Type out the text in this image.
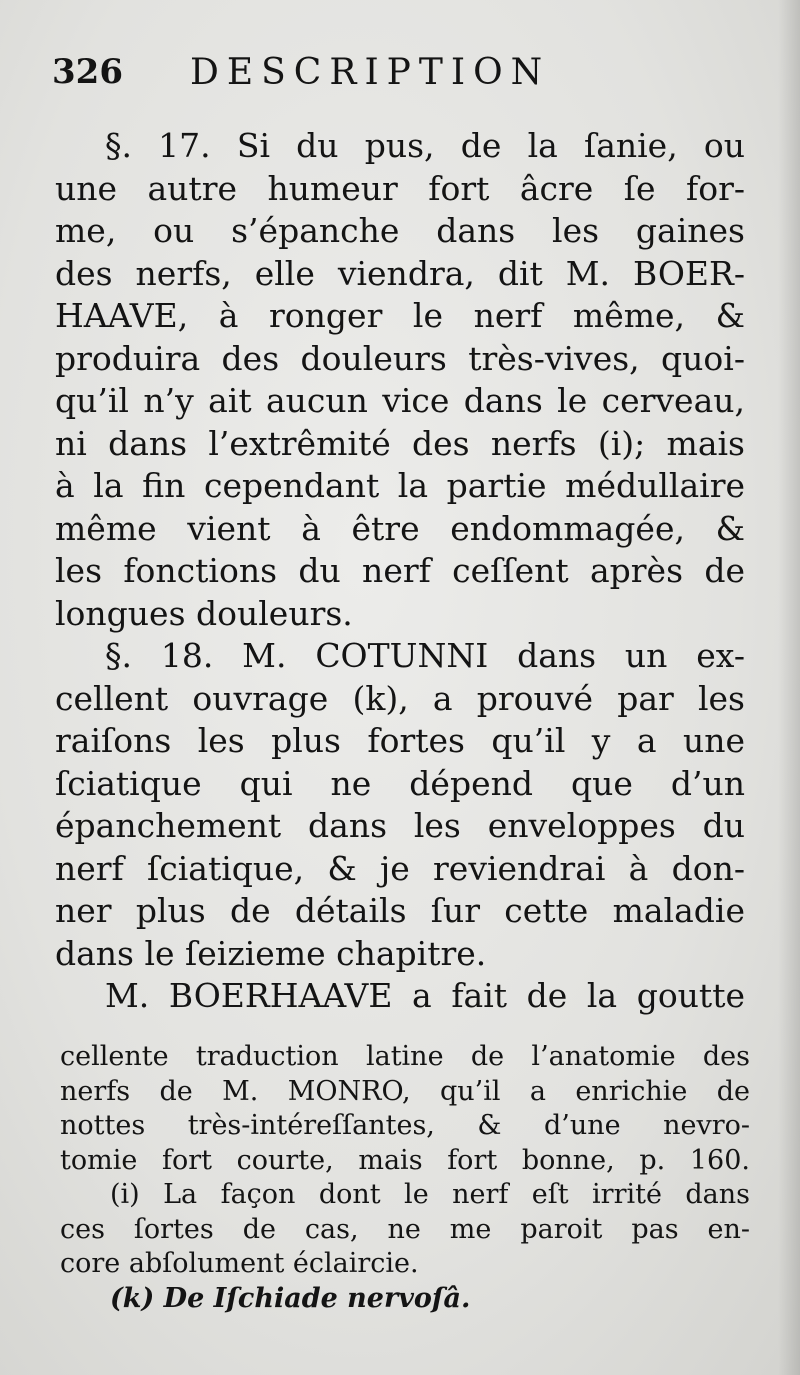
326 DESCRIPTION
§. 17. Si du pus, de la ſanie, ou
une autre humeur fort âcre ſe for-
me, ou s’épanche dans les gaines
des nerfs, elle viendra, dit M. BOER-
HAAVE, à ronger le nerf même, &
produira des douleurs très-vives, quoi-
qu’il n’y ait aucun vice dans le cerveau,
ni dans l’extrêmité des nerfs (i); mais
à la fin cependant la partie médullaire
même vient à être endommagée, &
les fonctions du nerf ceſſent après de
longues douleurs.
§. 18. M. COTUNNI dans un ex-
cellent ouvrage (k), a prouvé par les
raiſons les plus fortes qu’il y a une
ſciatique qui ne dépend que d’un
épanchement dans les enveloppes du
nerf ſciatique, & je reviendrai à don-
ner plus de détails ſur cette maladie
dans le ſeizieme chapitre.
M. BOERHAAVE a fait de la goutte
cellente traduction latine de l’anatomie des
nerfs de M. MONRO, qu’il a enrichie de
nottes très-intéreſſantes, & d’une nevro-
tomie fort courte, mais fort bonne, p. 160.
(i) La façon dont le nerf eſt irrité dans
ces ſortes de cas, ne me paroit pas en-
core abſolument éclaircie.
(k) De Iſchiade nervoſâ.
